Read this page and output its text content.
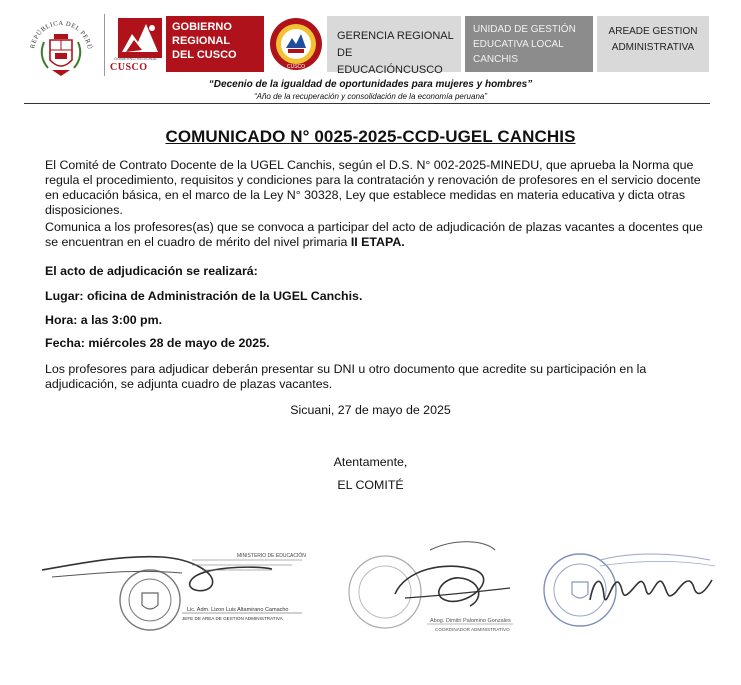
REPÚBLICA DEL PERÚ
GOBIERNO REGIONAL
CUSCO
GOBIERNO
REGIONAL
DEL CUSCO
CUSCO
GERENCIA REGIONAL
DE EDUCACIÓNCUSCO
UNIDAD DE GESTIÓN
EDUCATIVA LOCAL
CANCHIS
AREADE GESTION
ADMINISTRATIVA
“Decenio de la igualdad de oportunidades para mujeres y hombres”
“Año de la recuperación y consolidación de la economía peruana”
COMUNICADO N° 0025-2025-CCD-UGEL CANCHIS
El Comité de Contrato Docente de la UGEL Canchis, según el D.S. N° 002-2025-MINEDU, que aprueba la Norma que regula el procedimiento, requisitos y condiciones para la contratación y renovación de profesores en el servicio docente en educación básica, en el marco de la Ley N° 30328, Ley que establece medidas en materia educativa y dicta otras disposiciones.
Comunica a los profesores(as) que se convoca a participar del acto de adjudicación de plazas vacantes a docentes que se encuentran en el cuadro de mérito del nivel primaria II ETAPA.
El acto de adjudicación se realizará:
Lugar: oficina de Administración de la UGEL Canchis.
Hora: a las 3:00 pm.
Fecha: miércoles 28 de mayo de 2025.
Los profesores para adjudicar deberán presentar su DNI u otro documento que acredite su participación en la adjudicación, se adjunta cuadro de plazas vacantes.
Sicuani, 27 de mayo de 2025
Atentamente,
EL COMITÉ
MINISTERIO DE EDUCACIÓN
Lic. Adm. Lizon Luis Altamirano Camacho
JEFE DE AREA DE GESTION ADMINISTRATIVA	Abog. Dimitri Palomino Gonzales
COORDINADOR ADMINISTRATIVO
